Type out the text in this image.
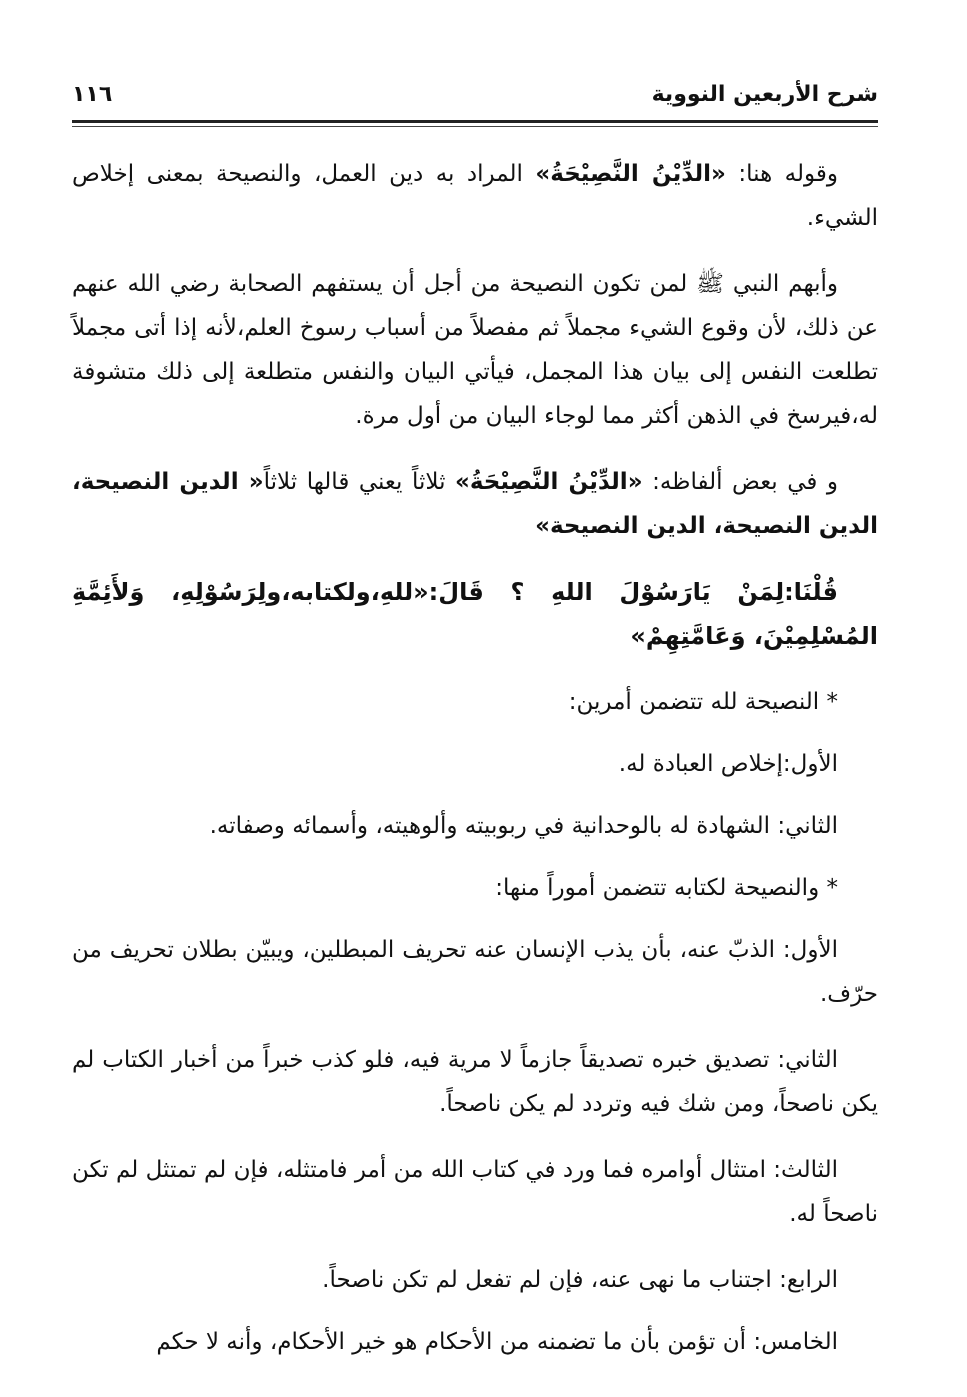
شرح الأربعين النووية
١١٦

وقوله هنا: «الدِّيْنُ النَّصِيْحَةُ» المراد به دين العمل، والنصيحة بمعنى إخلاص الشيء.

وأبهم النبي ﷺ لمن تكون النصيحة من أجل أن يستفهم الصحابة رضي الله عنهم عن ذلك، لأن وقوع الشيء مجملاً ثم مفصلاً من أسباب رسوخ العلم،لأنه إذا أتى مجملاً تطلعت النفس إلى بيان هذا المجمل، فيأتي البيان والنفس متطلعة إلى ذلك متشوفة له،فيرسخ في الذهن أكثر مما لوجاء البيان من أول مرة.

و في بعض ألفاظه: «الدِّيْنُ النَّصِيْحَةُ» ثلاثاً يعني قالها ثلاثاً« الدين النصيحة، الدين النصيحة، الدين النصيحة»

قُلْنَا:لِمَنْ يَارَسُوْلَ اللهِ ؟ قَالَ:«للهِ،ولكتابه،ولِرَسُوْلِهِ، وَلأَئِمَّةِ المُسْلِمِيْنَ، وَعَامَّتِهِمْ»

* النصيحة لله تتضمن أمرين:

الأول:إخلاص العبادة له.

الثاني: الشهادة له بالوحدانية في ربوبيته وألوهيته، وأسمائه وصفاته.

* والنصيحة لكتابه تتضمن أموراً منها:

الأول: الذبّ عنه، بأن يذب الإنسان عنه تحريف المبطلين، ويبيّن بطلان تحريف من حرّف.

الثاني: تصديق خبره تصديقاً جازماً لا مرية فيه، فلو كذب خبراً من أخبار الكتاب لم يكن ناصحاً، ومن شك فيه وتردد لم يكن ناصحاً.

الثالث: امتثال أوامره فما ورد في كتاب الله من أمر فامتثله، فإن لم تمتثل لم تكن ناصحاً له.

الرابع: اجتناب ما نهى عنه، فإن لم تفعل لم تكن ناصحاً.

الخامس: أن تؤمن بأن ما تضمنه من الأحكام هو خير الأحكام، وأنه لا حكم
